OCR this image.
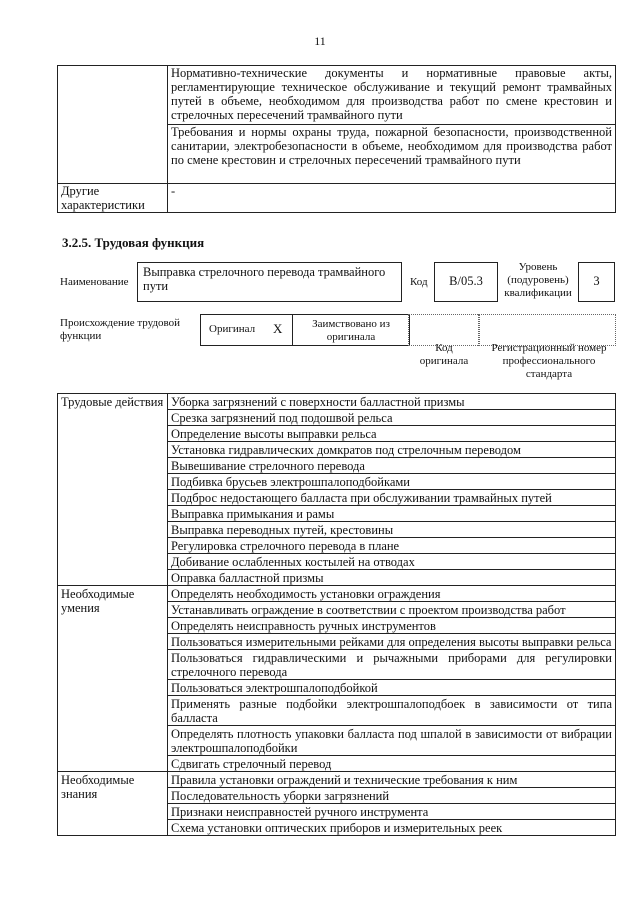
11
	Нормативно-технические документы и нормативные правовые акты, регламентирующие техническое обслуживание и текущий ремонт трамвайных путей в объеме, необходимом для производства работ по смене крестовин и стрелочных пересечений трамвайного пути
	Требования и нормы охраны труда, пожарной безопасности, производственной санитарии, электробезопасности в объеме, необходимом для производства работ по смене крестовин и стрелочных пересечений трамвайного пути
Другие характеристики	-
3.2.5. Трудовая функция
Наименование
Выправка стрелочного перевода трамвайного пути	Код	B/05.3
Уровень (подуровень) квалификации
3
Происхождение трудовой функции
Оригинал X	Заимствовано из оригинала
Код оригинала
Регистрационный номер профессионального стандарта
Трудовые действия	Уборка загрязнений с поверхности балластной призмы
	Срезка загрязнений под подошвой рельса
	Определение высоты выправки рельса
	Установка гидравлических домкратов под стрелочным переводом
	Вывешивание стрелочного перевода
	Подбивка брусьев электрошпалоподбойками
	Подброс недостающего балласта при обслуживании трамвайных путей
	Выправка примыкания и рамы
	Выправка переводных путей, крестовины
	Регулировка стрелочного перевода в плане
	Добивание ослабленных костылей на отводах
	Оправка балластной призмы
Необходимые умения	Определять необходимость установки ограждения
	Устанавливать ограждение в соответствии с проектом производства работ
	Определять неисправность ручных инструментов
	Пользоваться измерительными рейками для определения высоты выправки рельса
	Пользоваться гидравлическими и рычажными приборами для регулировки стрелочного перевода
	Пользоваться электрошпалоподбойкой
	Применять разные подбойки электрошпалоподбоек в зависимости от типа балласта
	Определять плотность упаковки балласта под шпалой в зависимости от вибрации электрошпалоподбойки
	Сдвигать стрелочный перевод
Необходимые знания	Правила установки ограждений и технические требования к ним
	Последовательность уборки загрязнений
	Признаки неисправностей ручного инструмента
	Схема установки оптических приборов и измерительных реек
